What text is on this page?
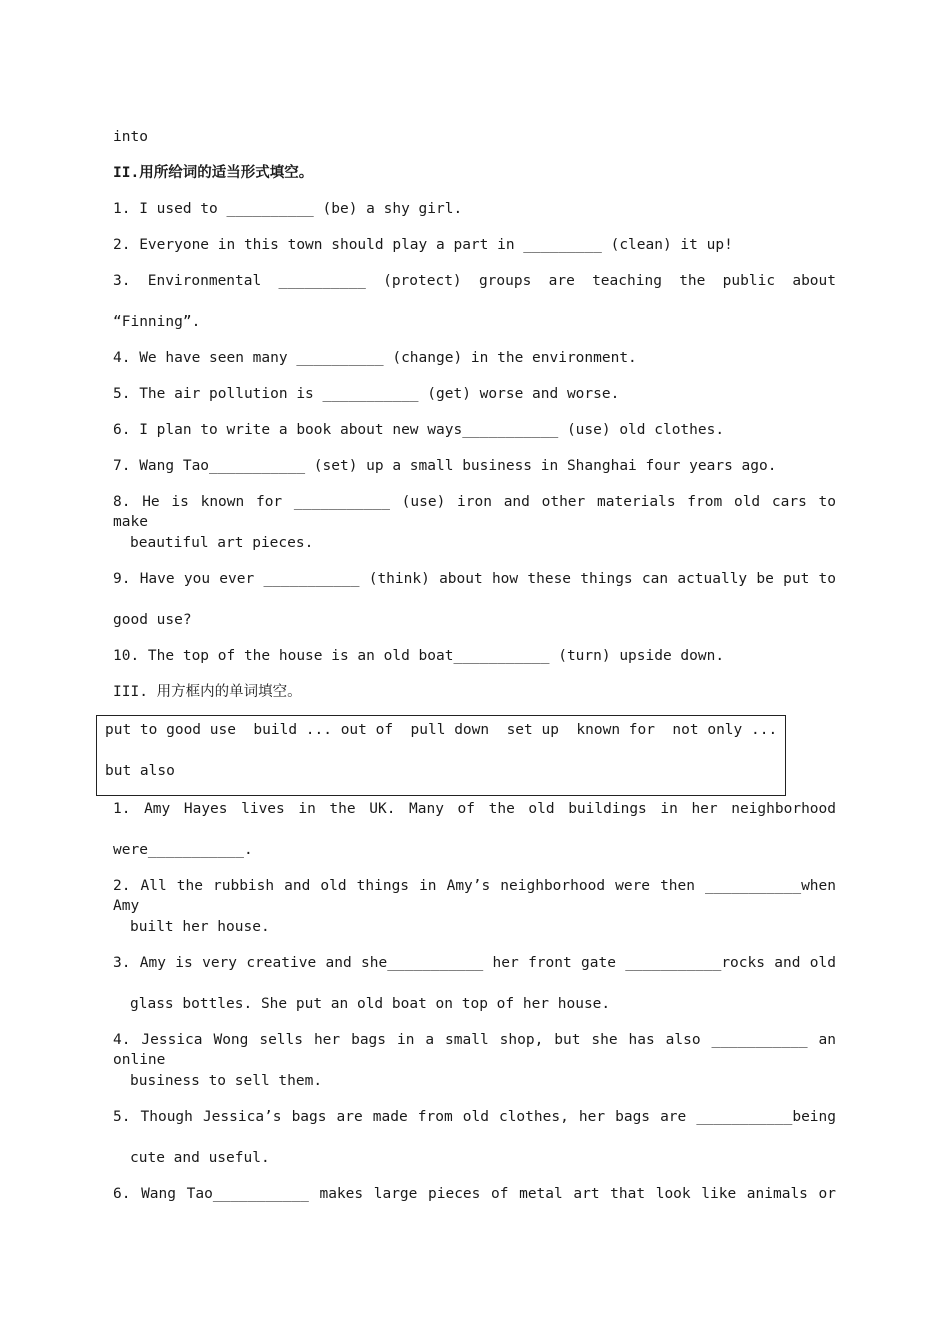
into
II.用所给词的适当形式填空。
1. I used to __________ (be) a shy girl.
2. Everyone in this town should play a part in _________ (clean) it up!
3. Environmental __________ (protect) groups are teaching the public about
“Finning”.
4. We have seen many __________ (change) in the environment.
5. The air pollution is ___________ (get) worse and worse.
6. I plan to write a book about new ways___________ (use) old clothes.
7. Wang Tao___________ (set) up a small business in Shanghai four years ago.
8. He is known for ___________ (use) iron and other materials from old cars to make
beautiful art pieces.
9. Have you ever ___________ (think) about how these things can actually be put to
good use?
10. The top of the house is an old boat___________ (turn) upside down.
III. 用方框内的单词填空。
put to good use  build ... out of  pull down  set up  known for  not only ...
but also
1. Amy Hayes lives in the UK. Many of the old buildings in her neighborhood
were___________.
2. All the rubbish and old things in Amy’s neighborhood were then ___________when Amy
built her house.
3. Amy is very creative and she___________ her front gate ___________rocks and old
glass bottles. She put an old boat on top of her house.
4. Jessica Wong sells her bags in a small shop, but she has also ___________ an online
business to sell them.
5. Though Jessica’s bags are made from old clothes, her bags are ___________being
cute and useful.
6. Wang Tao___________ makes large pieces of metal art that look like animals or
